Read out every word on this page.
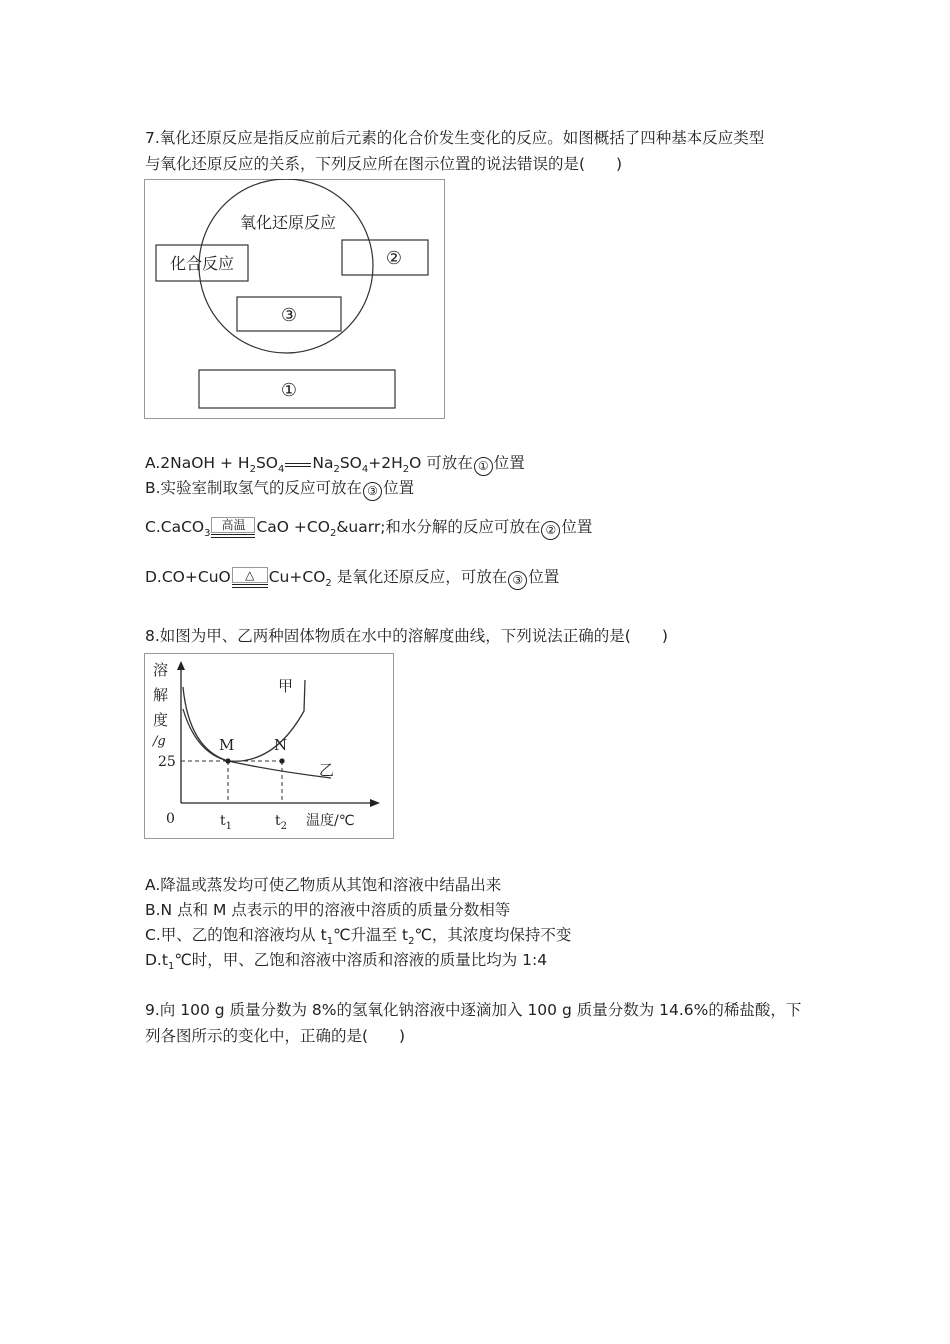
7.氧化还原反应是指反应前后元素的化合价发生变化的反应。如图概括了四种基本反应类型
与氧化还原反应的关系，下列反应所在图示位置的说法错误的是(　　)
氧化还原反应
化合反应	②
③
①
A.2NaOH + $H_2SO_4$ $Na_2SO_4+2H_2O$ 可放在 ① 位置
B.实验室制取氢气的反应可放在 ③ 位置
C.CaCO$_3$
高温 CaO $+CO_2\&uarr$;和水分解的反应可放在 ② 位置
D.CO+CuO	△ $Cu+CO_2$ 是氧化还原反应，可放在 ③ 位置
8.如图为甲、乙两种固体物质在水中的溶解度曲线，下列说法正确的是(　　)
溶
解
度
/g	M	N
甲
乙
25
0	$t_1$	$t_2$ 温度/℃
A.降温或蒸发均可使乙物质从其饱和溶液中结晶出来
B.N 点和 M 点表示的甲的溶液中溶质的质量分数相等
C.甲、乙的饱和溶液均从 $t_1℃$升温至 $t_2℃$，其浓度均保持不变
$D.t_1℃$时，甲、乙饱和溶液中溶质和溶液的质量比均为 1:4
9.向 100 g 质量分数为 8%的氢氧化钠溶液中逐滴加入 100 g 质量分数为 14.6%的稀盐酸，下
列各图所示的变化中，正确的是(　　)
